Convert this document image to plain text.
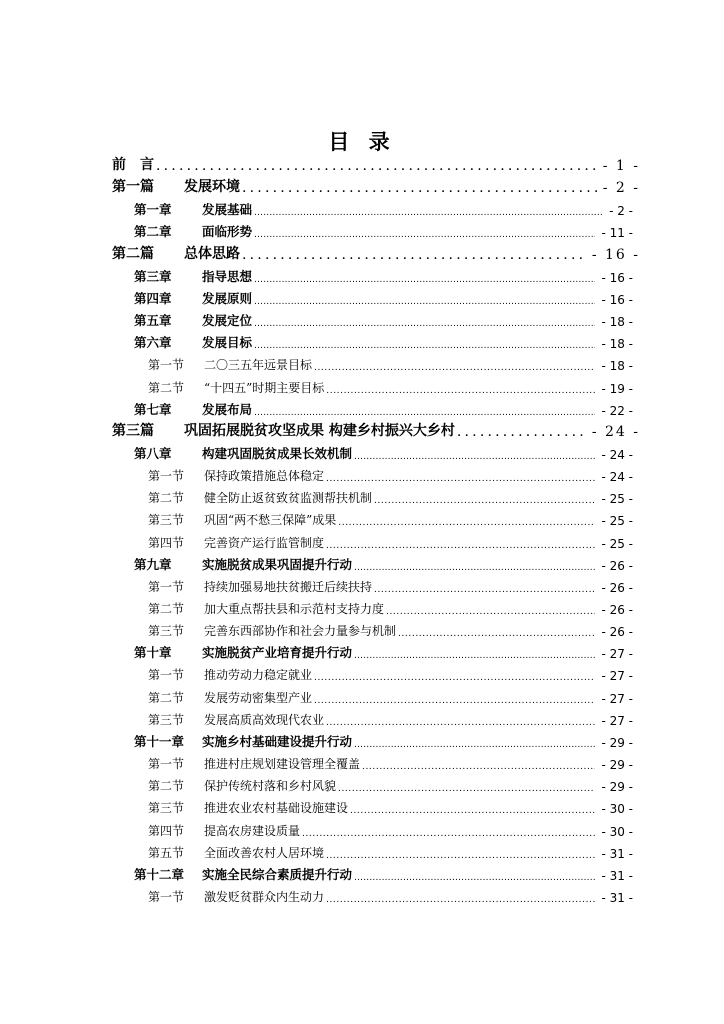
目 录
前　言 .....	- 1 -
第一篇 发展环境 .....	- 2 -
第一章 发展基础 .....	- 2 -
第二章 面临形势 .....	- 11 -
第二篇 总体思路 .....	- 16 -
第三章 指导思想 .....	- 16 -
第四章 发展原则 .....	- 16 -
第五章 发展定位 .....	- 18 -
第六章 发展目标 .....	- 18 -
第一节 二〇三五年远景目标 .....	- 18 -
第二节 “十四五”时期主要目标 .....	- 19 -
第七章 发展布局 .....	- 22 -
第三篇 巩固拓展脱贫攻坚成果 构建乡村振兴大乡村 .....	- 24 -
第八章 构建巩固脱贫成果长效机制 .....	- 24 -
第一节 保持政策措施总体稳定 .....	- 24 -
第二节 健全防止返贫致贫监测帮扶机制 .....	- 25 -
第三节 巩固“两不愁三保障”成果 .....	- 25 -
第四节 完善资产运行监管制度 .....	- 25 -
第九章 实施脱贫成果巩固提升行动 .....	- 26 -
第一节 持续加强易地扶贫搬迁后续扶持 .....	- 26 -
第二节 加大重点帮扶县和示范村支持力度 .....	- 26 -
第三节 完善东西部协作和社会力量参与机制 .....	- 26 -
第十章 实施脱贫产业培育提升行动 .....	- 27 -
第一节 推动劳动力稳定就业 .....	- 27 -
第二节 发展劳动密集型产业 .....	- 27 -
第三节 发展高质高效现代农业 .....	- 27 -
第十一章 实施乡村基础建设提升行动 .....	- 29 -
第一节 推进村庄规划建设管理全覆盖 .....	- 29 -
第二节 保护传统村落和乡村风貌 .....	- 29 -
第三节 推进农业农村基础设施建设 .....	- 30 -
第四节 提高农房建设质量 .....	- 30 -
第五节 全面改善农村人居环境 .....	- 31 -
第十二章 实施全民综合素质提升行动 .....	- 31 -
第一节 激发贬贫群众内生动力 .....	- 31 -
